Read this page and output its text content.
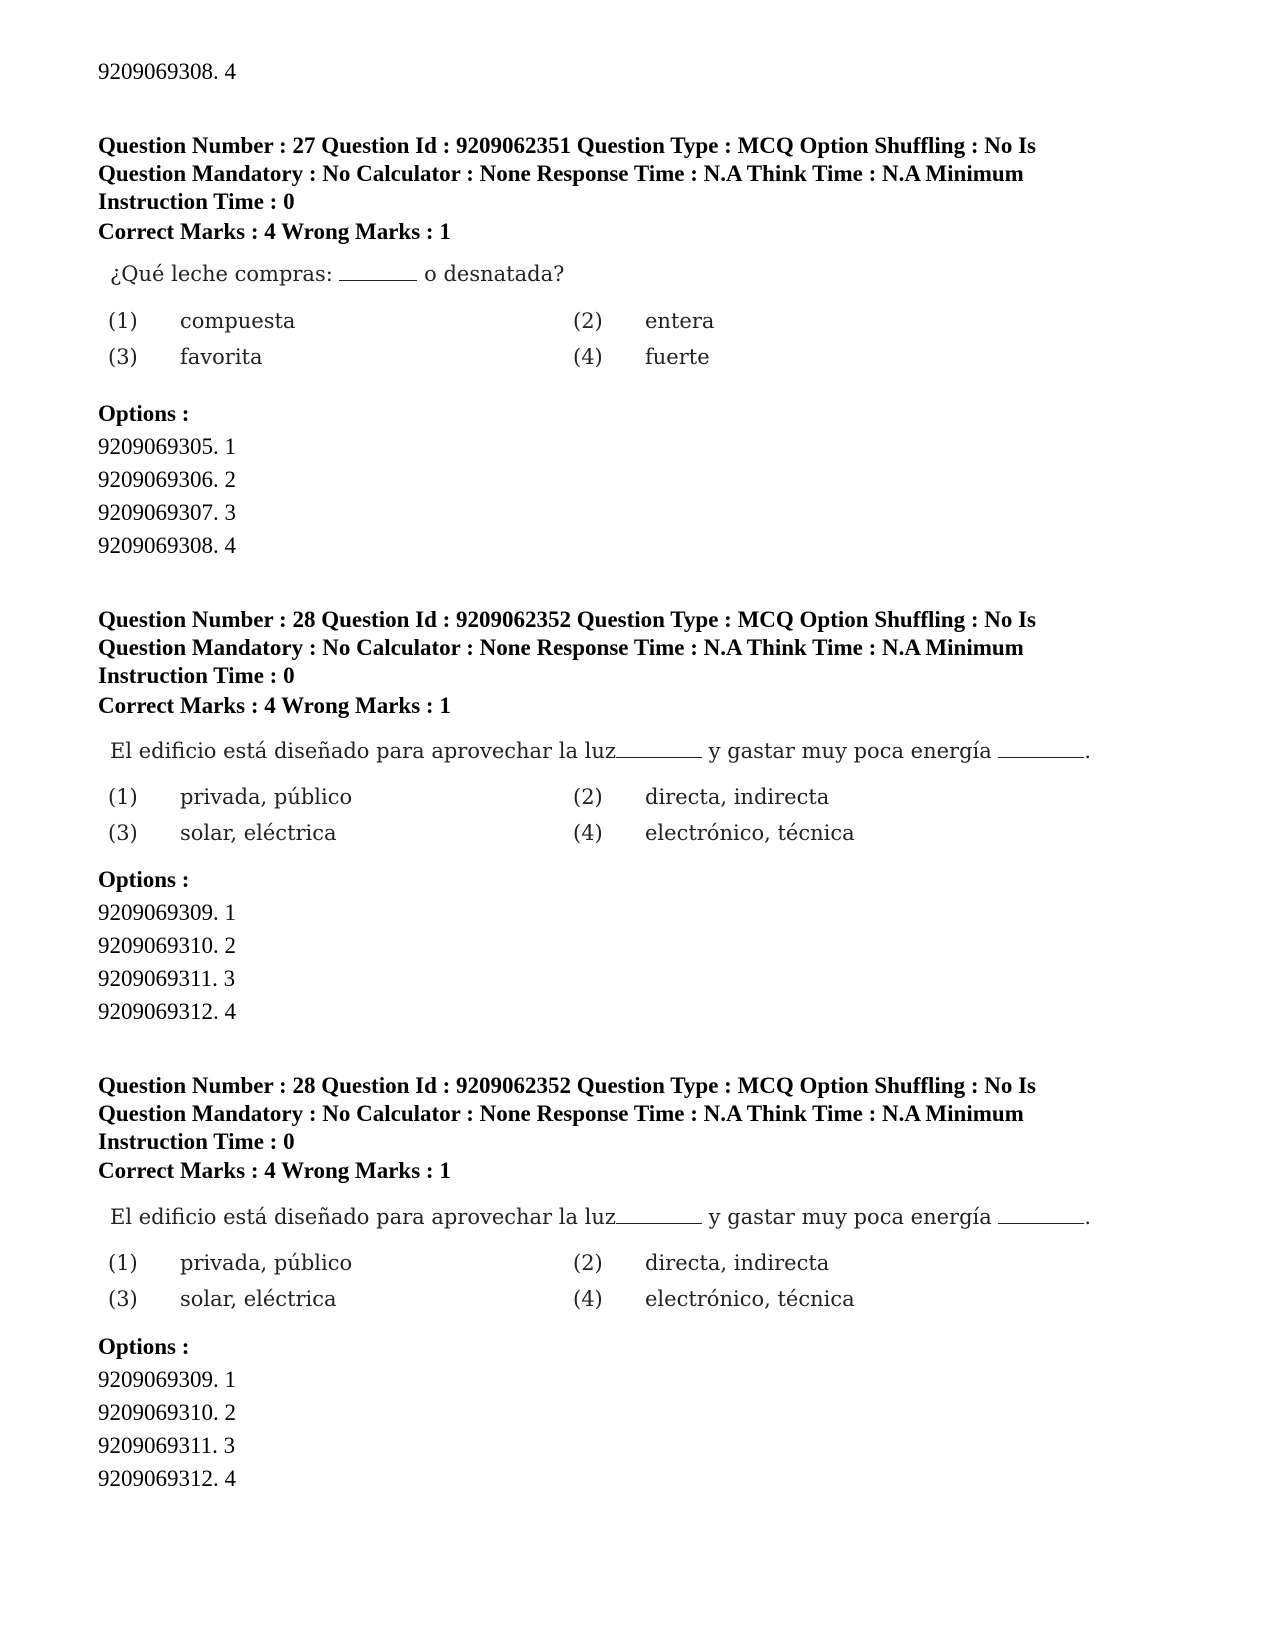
9209069308. 4
Question Number : 27 Question Id : 9209062351 Question Type : MCQ Option Shuffling : No Is Question Mandatory : No Calculator : None Response Time : N.A Think Time : N.A Minimum Instruction Time : 0
Correct Marks : 4 Wrong Marks : 1
¿Qué leche compras:	o desnatada?
(1) compuesta	(2) entera
(3) favorita	(4) fuerte
Options :
9209069305. 1
9209069306. 2
9209069307. 3
9209069308. 4
Question Number : 28 Question Id : 9209062352 Question Type : MCQ Option Shuffling : No Is Question Mandatory : No Calculator : None Response Time : N.A Think Time : N.A Minimum Instruction Time : 0
Correct Marks : 4 Wrong Marks : 1
El edificio está diseñado para aprovechar la luz	y gastar muy poca energía	.
(1) privada, público	(2) directa, indirecta
(3) solar, eléctrica	(4) electrónico, técnica
Options :
9209069309. 1
9209069310. 2
9209069311. 3
9209069312. 4
Question Number : 28 Question Id : 9209062352 Question Type : MCQ Option Shuffling : No Is Question Mandatory : No Calculator : None Response Time : N.A Think Time : N.A Minimum Instruction Time : 0
Correct Marks : 4 Wrong Marks : 1
El edificio está diseñado para aprovechar la luz	y gastar muy poca energía	.
(1) privada, público	(2) directa, indirecta
(3) solar, eléctrica	(4) electrónico, técnica
Options :
9209069309. 1
9209069310. 2
9209069311. 3
9209069312. 4
